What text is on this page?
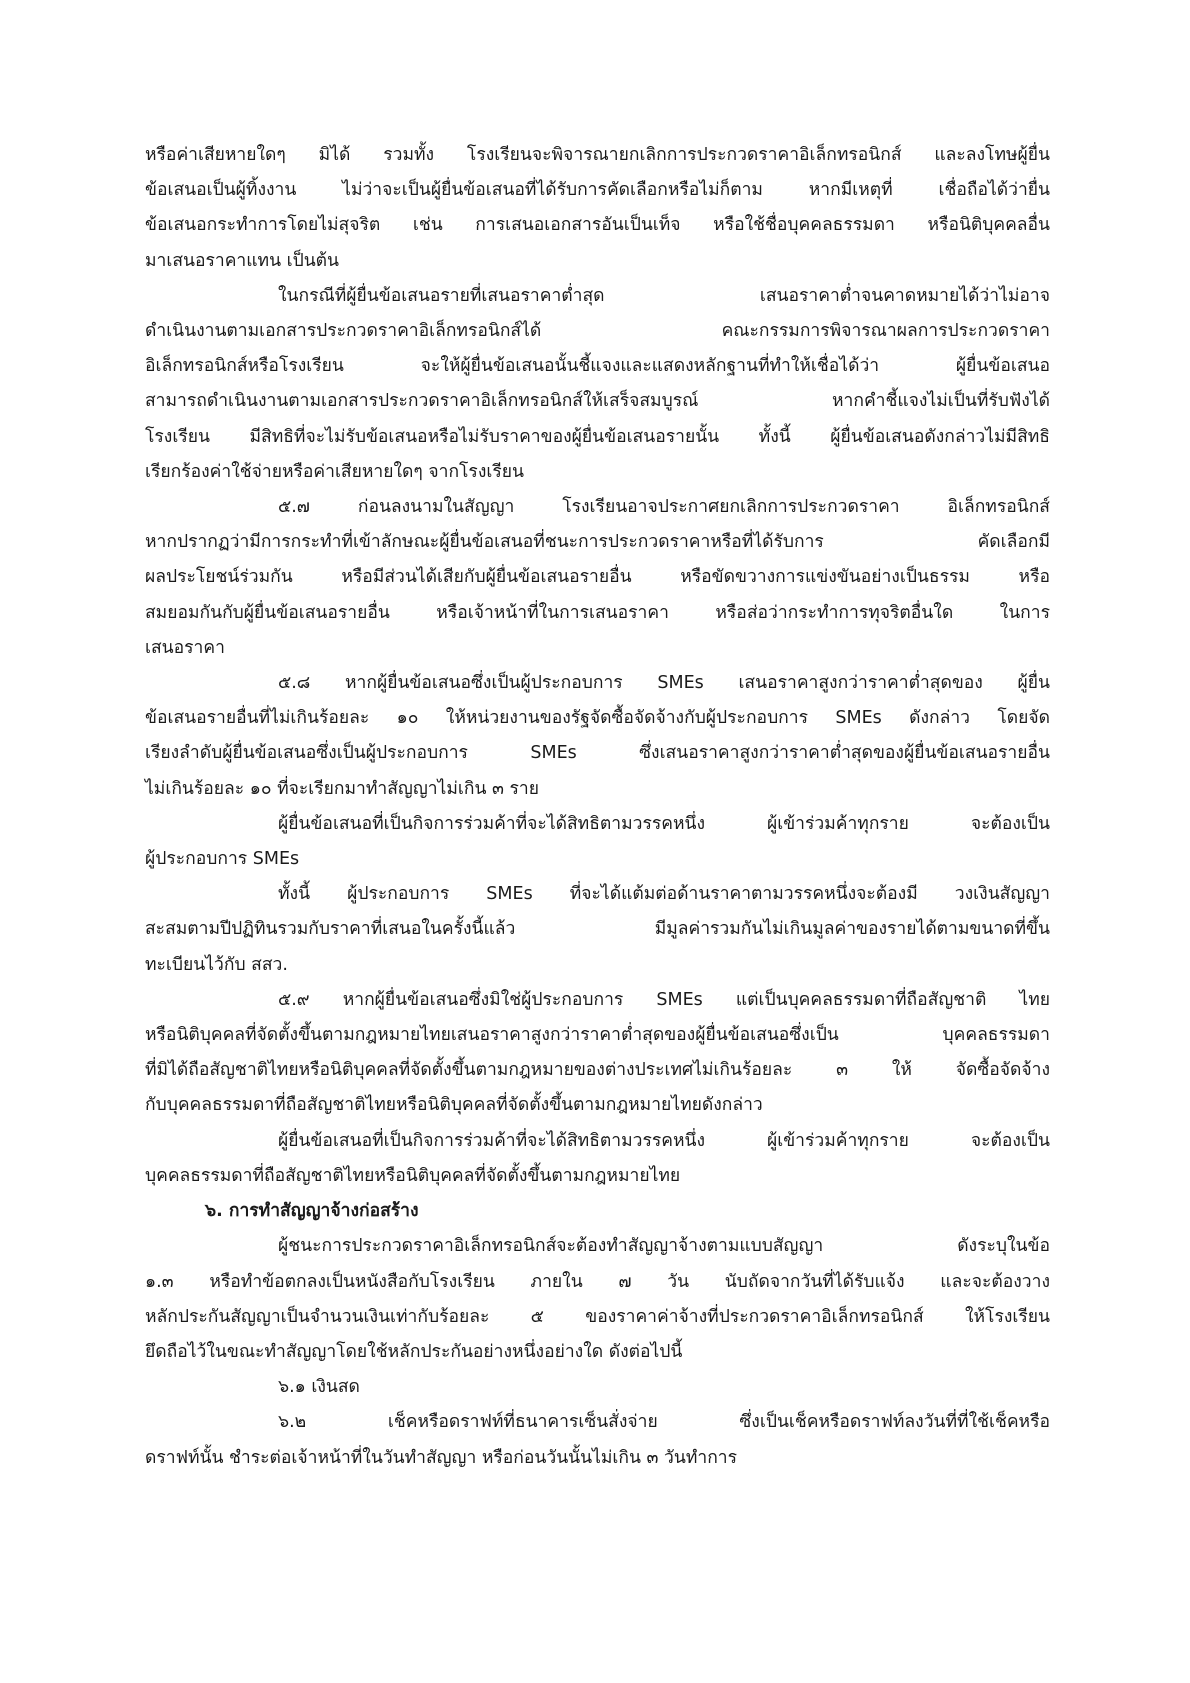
หรือค่าเสียหายใดๆ มิได้ รวมทั้ง โรงเรียนจะพิจารณายกเลิกการประกวดราคาอิเล็กทรอนิกส์ และลงโทษผู้ยื่น
ข้อเสนอเป็นผู้ทิ้งงาน ไม่ว่าจะเป็นผู้ยื่นข้อเสนอที่ได้รับการคัดเลือกหรือไม่ก็ตาม หากมีเหตุที่ เชื่อถือได้ว่ายื่น
ข้อเสนอกระทำการโดยไม่สุจริต เช่น การเสนอเอกสารอันเป็นเท็จ หรือใช้ชื่อบุคคลธรรมดา หรือนิติบุคคลอื่น
มาเสนอราคาแทน เป็นต้น
ในกรณีที่ผู้ยื่นข้อเสนอรายที่เสนอราคาต่ำสุด เสนอราคาต่ำจนคาดหมายได้ว่าไม่อาจ
ดำเนินงานตามเอกสารประกวดราคาอิเล็กทรอนิกส์ได้ คณะกรรมการพิจารณาผลการประกวดราคา
อิเล็กทรอนิกส์หรือโรงเรียน จะให้ผู้ยื่นข้อเสนอนั้นชี้แจงและแสดงหลักฐานที่ทำให้เชื่อได้ว่า ผู้ยื่นข้อเสนอ
สามารถดำเนินงานตามเอกสารประกวดราคาอิเล็กทรอนิกส์ให้เสร็จสมบูรณ์ หากคำชี้แจงไม่เป็นที่รับฟังได้
โรงเรียน มีสิทธิที่จะไม่รับข้อเสนอหรือไม่รับราคาของผู้ยื่นข้อเสนอรายนั้น ทั้งนี้ ผู้ยื่นข้อเสนอดังกล่าวไม่มีสิทธิ
เรียกร้องค่าใช้จ่ายหรือค่าเสียหายใดๆ จากโรงเรียน
๕.๗ ก่อนลงนามในสัญญา โรงเรียนอาจประกาศยกเลิกการประกวดราคา อิเล็กทรอนิกส์
หากปรากฏว่ามีการกระทำที่เข้าลักษณะผู้ยื่นข้อเสนอที่ชนะการประกวดราคาหรือที่ได้รับการ คัดเลือกมี
ผลประโยชน์ร่วมกัน หรือมีส่วนได้เสียกับผู้ยื่นข้อเสนอรายอื่น หรือขัดขวางการแข่งขันอย่างเป็นธรรม หรือ
สมยอมกันกับผู้ยื่นข้อเสนอรายอื่น หรือเจ้าหน้าที่ในการเสนอราคา หรือส่อว่ากระทำการทุจริตอื่นใด ในการ
เสนอราคา
๕.๘ หากผู้ยื่นข้อเสนอซึ่งเป็นผู้ประกอบการ SMEs เสนอราคาสูงกว่าราคาต่ำสุดของ ผู้ยื่น
ข้อเสนอรายอื่นที่ไม่เกินร้อยละ ๑๐ ให้หน่วยงานของรัฐจัดซื้อจัดจ้างกับผู้ประกอบการ SMEs ดังกล่าว โดยจัด
เรียงลำดับผู้ยื่นข้อเสนอซึ่งเป็นผู้ประกอบการ SMEs ซึ่งเสนอราคาสูงกว่าราคาต่ำสุดของผู้ยื่นข้อเสนอรายอื่น
ไม่เกินร้อยละ ๑๐ ที่จะเรียกมาทำสัญญาไม่เกิน ๓ ราย
ผู้ยื่นข้อเสนอที่เป็นกิจการร่วมค้าที่จะได้สิทธิตามวรรคหนึ่ง ผู้เข้าร่วมค้าทุกราย จะต้องเป็น
ผู้ประกอบการ SMEs
ทั้งนี้ ผู้ประกอบการ SMEs ที่จะได้แต้มต่อด้านราคาตามวรรคหนึ่งจะต้องมี วงเงินสัญญา
สะสมตามปีปฏิทินรวมกับราคาที่เสนอในครั้งนี้แล้ว มีมูลค่ารวมกันไม่เกินมูลค่าของรายได้ตามขนาดที่ขึ้น
ทะเบียนไว้กับ สสว.
๕.๙ หากผู้ยื่นข้อเสนอซึ่งมิใช่ผู้ประกอบการ SMEs แต่เป็นบุคคลธรรมดาที่ถือสัญชาติ ไทย
หรือนิติบุคคลที่จัดตั้งขึ้นตามกฎหมายไทยเสนอราคาสูงกว่าราคาต่ำสุดของผู้ยื่นข้อเสนอซึ่งเป็น บุคคลธรรมดา
ที่มิได้ถือสัญชาติไทยหรือนิติบุคคลที่จัดตั้งขึ้นตามกฎหมายของต่างประเทศไม่เกินร้อยละ ๓ ให้ จัดซื้อจัดจ้าง
กับบุคคลธรรมดาที่ถือสัญชาติไทยหรือนิติบุคคลที่จัดตั้งขึ้นตามกฎหมายไทยดังกล่าว
ผู้ยื่นข้อเสนอที่เป็นกิจการร่วมค้าที่จะได้สิทธิตามวรรคหนึ่ง ผู้เข้าร่วมค้าทุกราย จะต้องเป็น
บุคคลธรรมดาที่ถือสัญชาติไทยหรือนิติบุคคลที่จัดตั้งขึ้นตามกฎหมายไทย
๖. การทำสัญญาจ้างก่อสร้าง
ผู้ชนะการประกวดราคาอิเล็กทรอนิกส์จะต้องทำสัญญาจ้างตามแบบสัญญา ดังระบุในข้อ
๑.๓ หรือทำข้อตกลงเป็นหนังสือกับโรงเรียน ภายใน ๗ วัน นับถัดจากวันที่ได้รับแจ้ง และจะต้องวาง
หลักประกันสัญญาเป็นจำนวนเงินเท่ากับร้อยละ ๕ ของราคาค่าจ้างที่ประกวดราคาอิเล็กทรอนิกส์ ให้โรงเรียน
ยึดถือไว้ในขณะทำสัญญาโดยใช้หลักประกันอย่างหนึ่งอย่างใด ดังต่อไปนี้
๖.๑ เงินสด
๖.๒ เช็คหรือดราฟท์ที่ธนาคารเซ็นสั่งจ่าย ซึ่งเป็นเช็คหรือดราฟท์ลงวันที่ที่ใช้เช็คหรือ
ดราฟท์นั้น ชำระต่อเจ้าหน้าที่ในวันทำสัญญา หรือก่อนวันนั้นไม่เกิน ๓ วันทำการ
